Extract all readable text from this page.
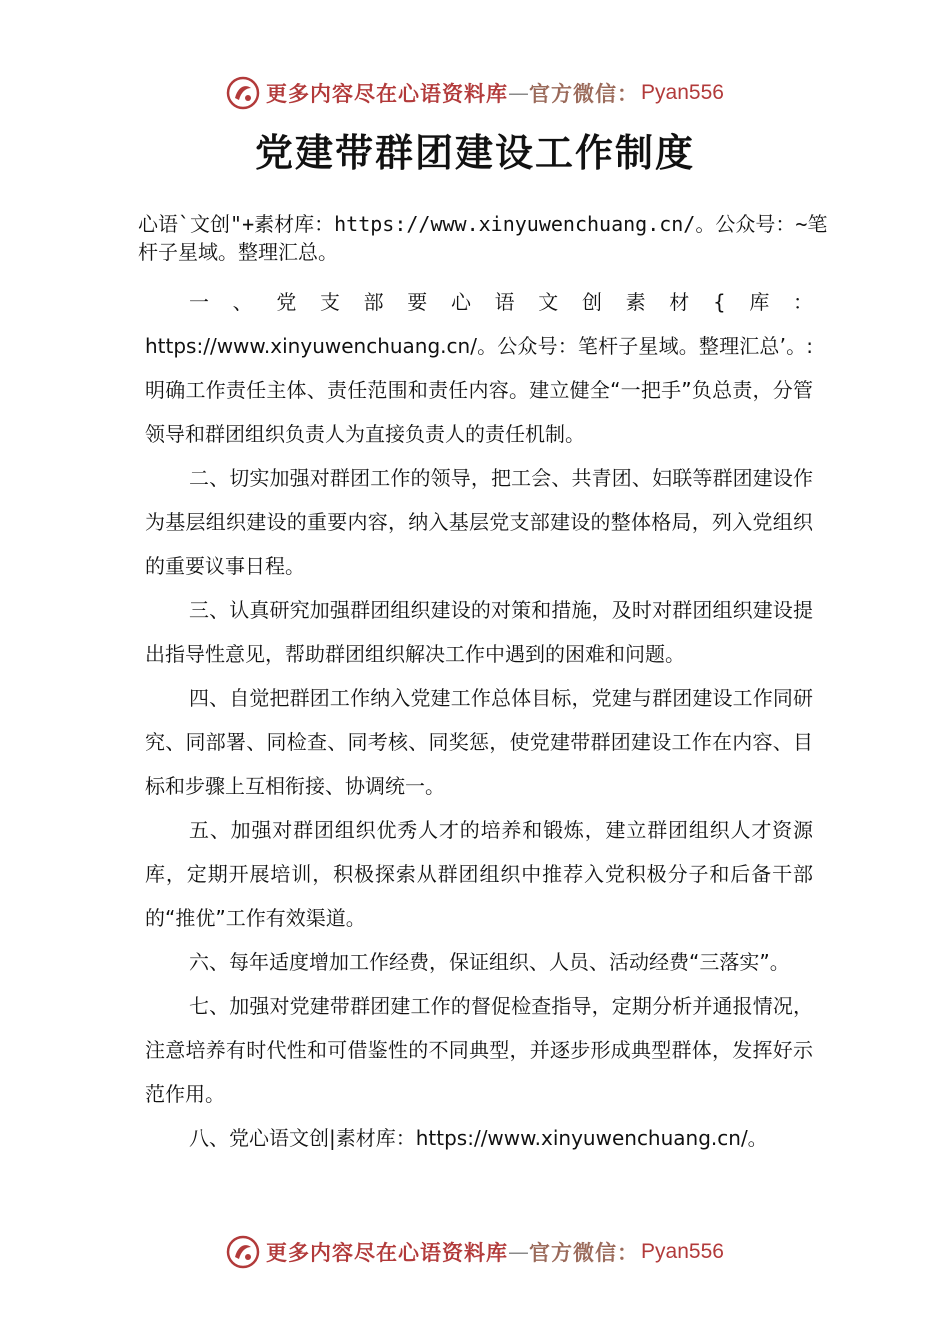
更多内容尽在心语资料库 — 官方微信： Pyan556
党建带群团建设工作制度
心语`文创"+素材库：https://www.xinyuwenchuang.cn/。公众号：~笔杆子星域。整理汇总。

一、党支部要心语文创素材{库：https://www.xinyuwenchuang.cn/。公众号：笔杆子星域。整理汇总’。:明确工作责任主体、责任范围和责任内容。建立健全“一把手”负总责，分管领导和群团组织负责人为直接负责人的责任机制。

二、切实加强对群团工作的领导，把工会、共青团、妇联等群团建设作为基层组织建设的重要内容，纳入基层党支部建设的整体格局，列入党组织的重要议事日程。

三、认真研究加强群团组织建设的对策和措施，及时对群团组织建设提出指导性意见，帮助群团组织解决工作中遇到的困难和问题。

四、自觉把群团工作纳入党建工作总体目标，党建与群团建设工作同研究、同部署、同检查、同考核、同奖惩，使党建带群团建设工作在内容、目标和步骤上互相衔接、协调统一。

五、加强对群团组织优秀人才的培养和锻炼，建立群团组织人才资源库，定期开展培训，积极探索从群团组织中推荐入党积极分子和后备干部的“推优”工作有效渠道。

六、每年适度增加工作经费，保证组织、人员、活动经费“三落实”。

七、加强对党建带群团建工作的督促检查指导，定期分析并通报情况，注意培养有时代性和可借鉴性的不同典型，并逐步形成典型群体，发挥好示范作用。

八、党心语文创|素材库：https://www.xinyuwenchuang.cn/。

更多内容尽在心语资料库 — 官方微信： Pyan556
